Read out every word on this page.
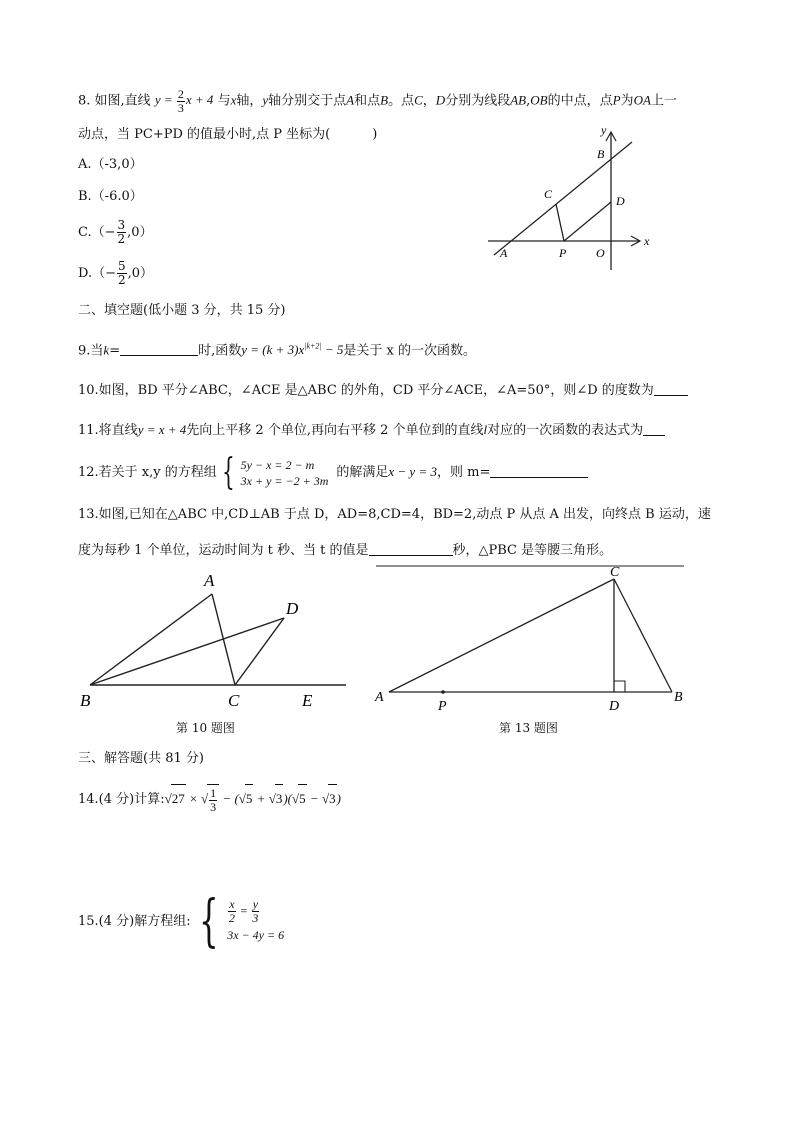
8. 如图,直线 $y = \frac{2}{3}$ x + 4 与x轴，y轴分别交于点A和点B。点C，D分别为线段AB,OB的中点，点P为OA上一
动点，当 PC+PD 的值最小时,点 P 坐标为(	)
A.（-3,0）
B.（-6.0）
$C.(- \frac{3}{2} ,0)$
$D.(- \frac{5}{2} ,0)$
y
x
B
C	D
A	P O
二、填空题(低小题 3 分，共 15 分)
9.当k=	时,函数$y = (k + 3)x^{|k+2|} - 5$是关于 x 的一次函数。
10.如图，BD 平分∠ABC，∠ACE 是△ABC 的外角，CD 平分∠ACE，∠A=50°，则∠D 的度数为
11.将直线y = x + 4先向上平移 2 个单位,再向右平移 2 个单位到的直线l对应的一次函数的表达式为
12.若关于 x,y 的方程组 { 5y − x = 2 − m
3x + y = −2 + 3m
的解满足x − y = 3，则 m=
13.如图,已知在△ABC 中,CD⊥AB 于点 D，AD=8,CD=4，BD=2,动点 P 从点 A 出发，向终点 B 运动，速
度为每秒 1 个单位，运动时间为 t 秒、当 t 的值是	秒，△PBC 是等腰三角形。
A
D
B	C	E
第 10 题图
C
A
P	D
B
第 13 题图
三、解答题(共 81 分)
14.(4 分)计算:√27 × √ $\frac{1}{3} - (√5 + √3)(√5 - √3)$
15.(4 分)解方程组: { $\frac{x}{2} = \frac{y}{3}$
3x − 4y = 6
